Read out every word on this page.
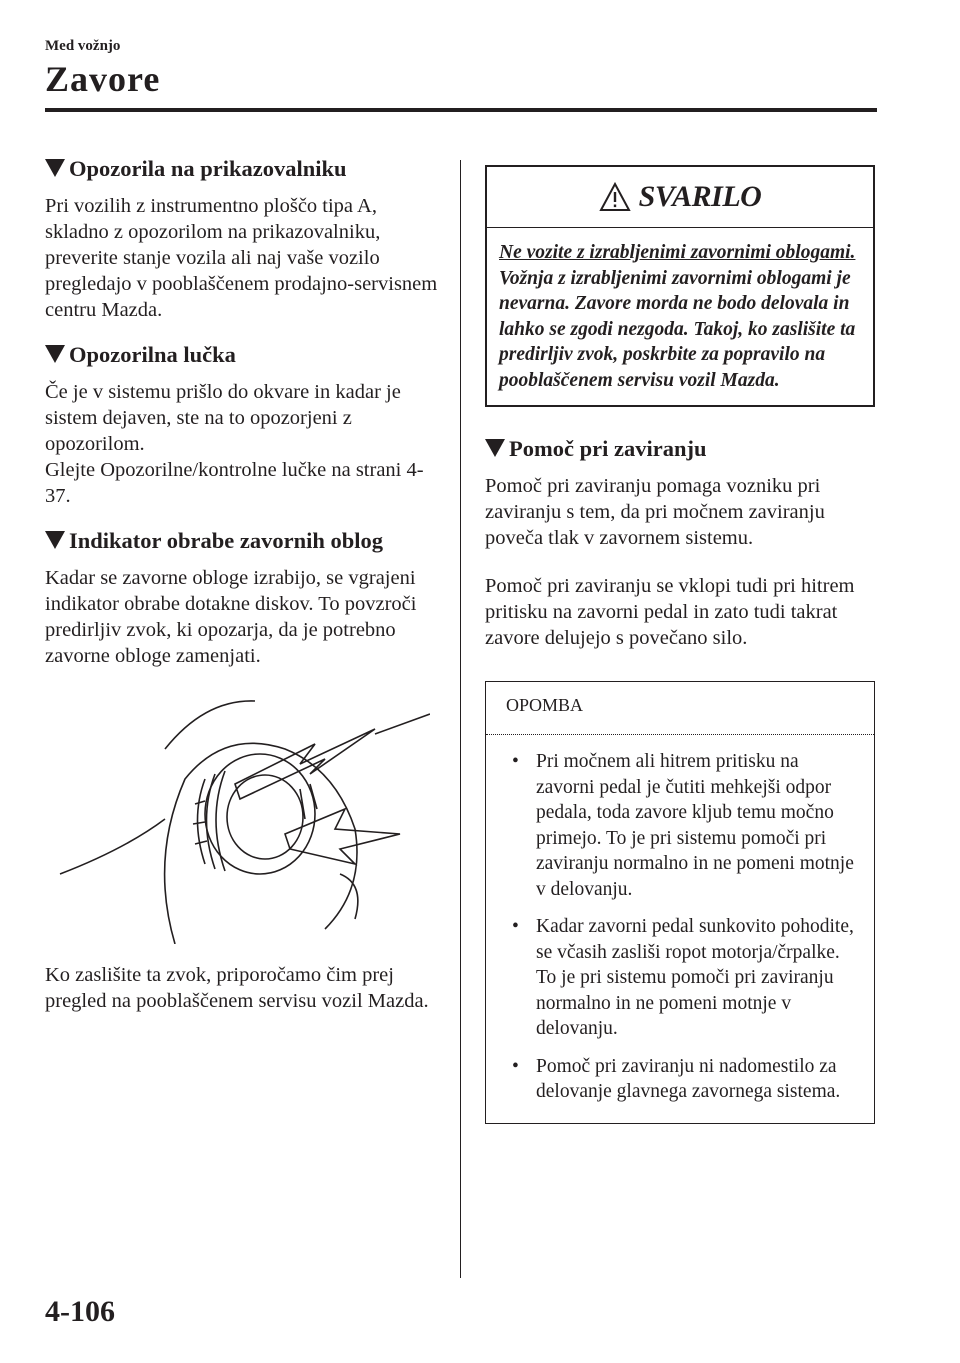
Med vožnjo
Zavore
Opozorila na prikazovalniku

Pri vozilih z instrumentno ploščo tipa A, skladno z opozorilom na prikazovalniku, preverite stanje vozila ali naj vaše vozilo pregledajo v pooblaščenem prodajno-servisnem centru Mazda.

Opozorilna lučka

Če je v sistemu prišlo do okvare in kadar je sistem dejaven, ste na to opozorjeni z opozorilom.

Glejte Opozorilne/kontrolne lučke na strani 4-37.

Indikator obrabe zavornih oblog

Kadar se zavorne obloge izrabijo, se vgrajeni indikator obrabe dotakne diskov. To povzroči predirljiv zvok, ki opozarja, da je potrebno zavorne obloge zamenjati.

Ko zaslišite ta zvok, priporočamo čim prej pregled na pooblaščenem servisu vozil Mazda.

SVARILO
Ne vozite z izrabljenimi zavornimi oblogami.
Vožnja z izrabljenimi zavornimi oblogami je nevarna. Zavore morda ne bodo delovala in lahko se zgodi nezgoda. Takoj, ko zaslišite ta predirljiv zvok, poskrbite za popravilo na pooblaščenem servisu vozil Mazda.
Pomoč pri zaviranju

Pomoč pri zaviranju pomaga vozniku pri zaviranju s tem, da pri močnem zaviranju poveča tlak v zavornem sistemu.

Pomoč pri zaviranju se vklopi tudi pri hitrem pritisku na zavorni pedal in zato tudi takrat zavore delujejo s povečano silo.

OPOMBA
• Pri močnem ali hitrem pritisku na zavorni pedal je čutiti mehkejši odpor pedala, toda zavore kljub temu močno primejo. To je pri sistemu pomoči pri zaviranju normalno in ne pomeni motnje v delovanju.
• Kadar zavorni pedal sunkovito pohodite, se včasih zasliši ropot motorja/črpalke. To je pri sistemu pomoči pri zaviranju normalno in ne pomeni motnje v delovanju.
• Pomoč pri zaviranju ni nadomestilo za delovanje glavnega zavornega sistema.
4-106
